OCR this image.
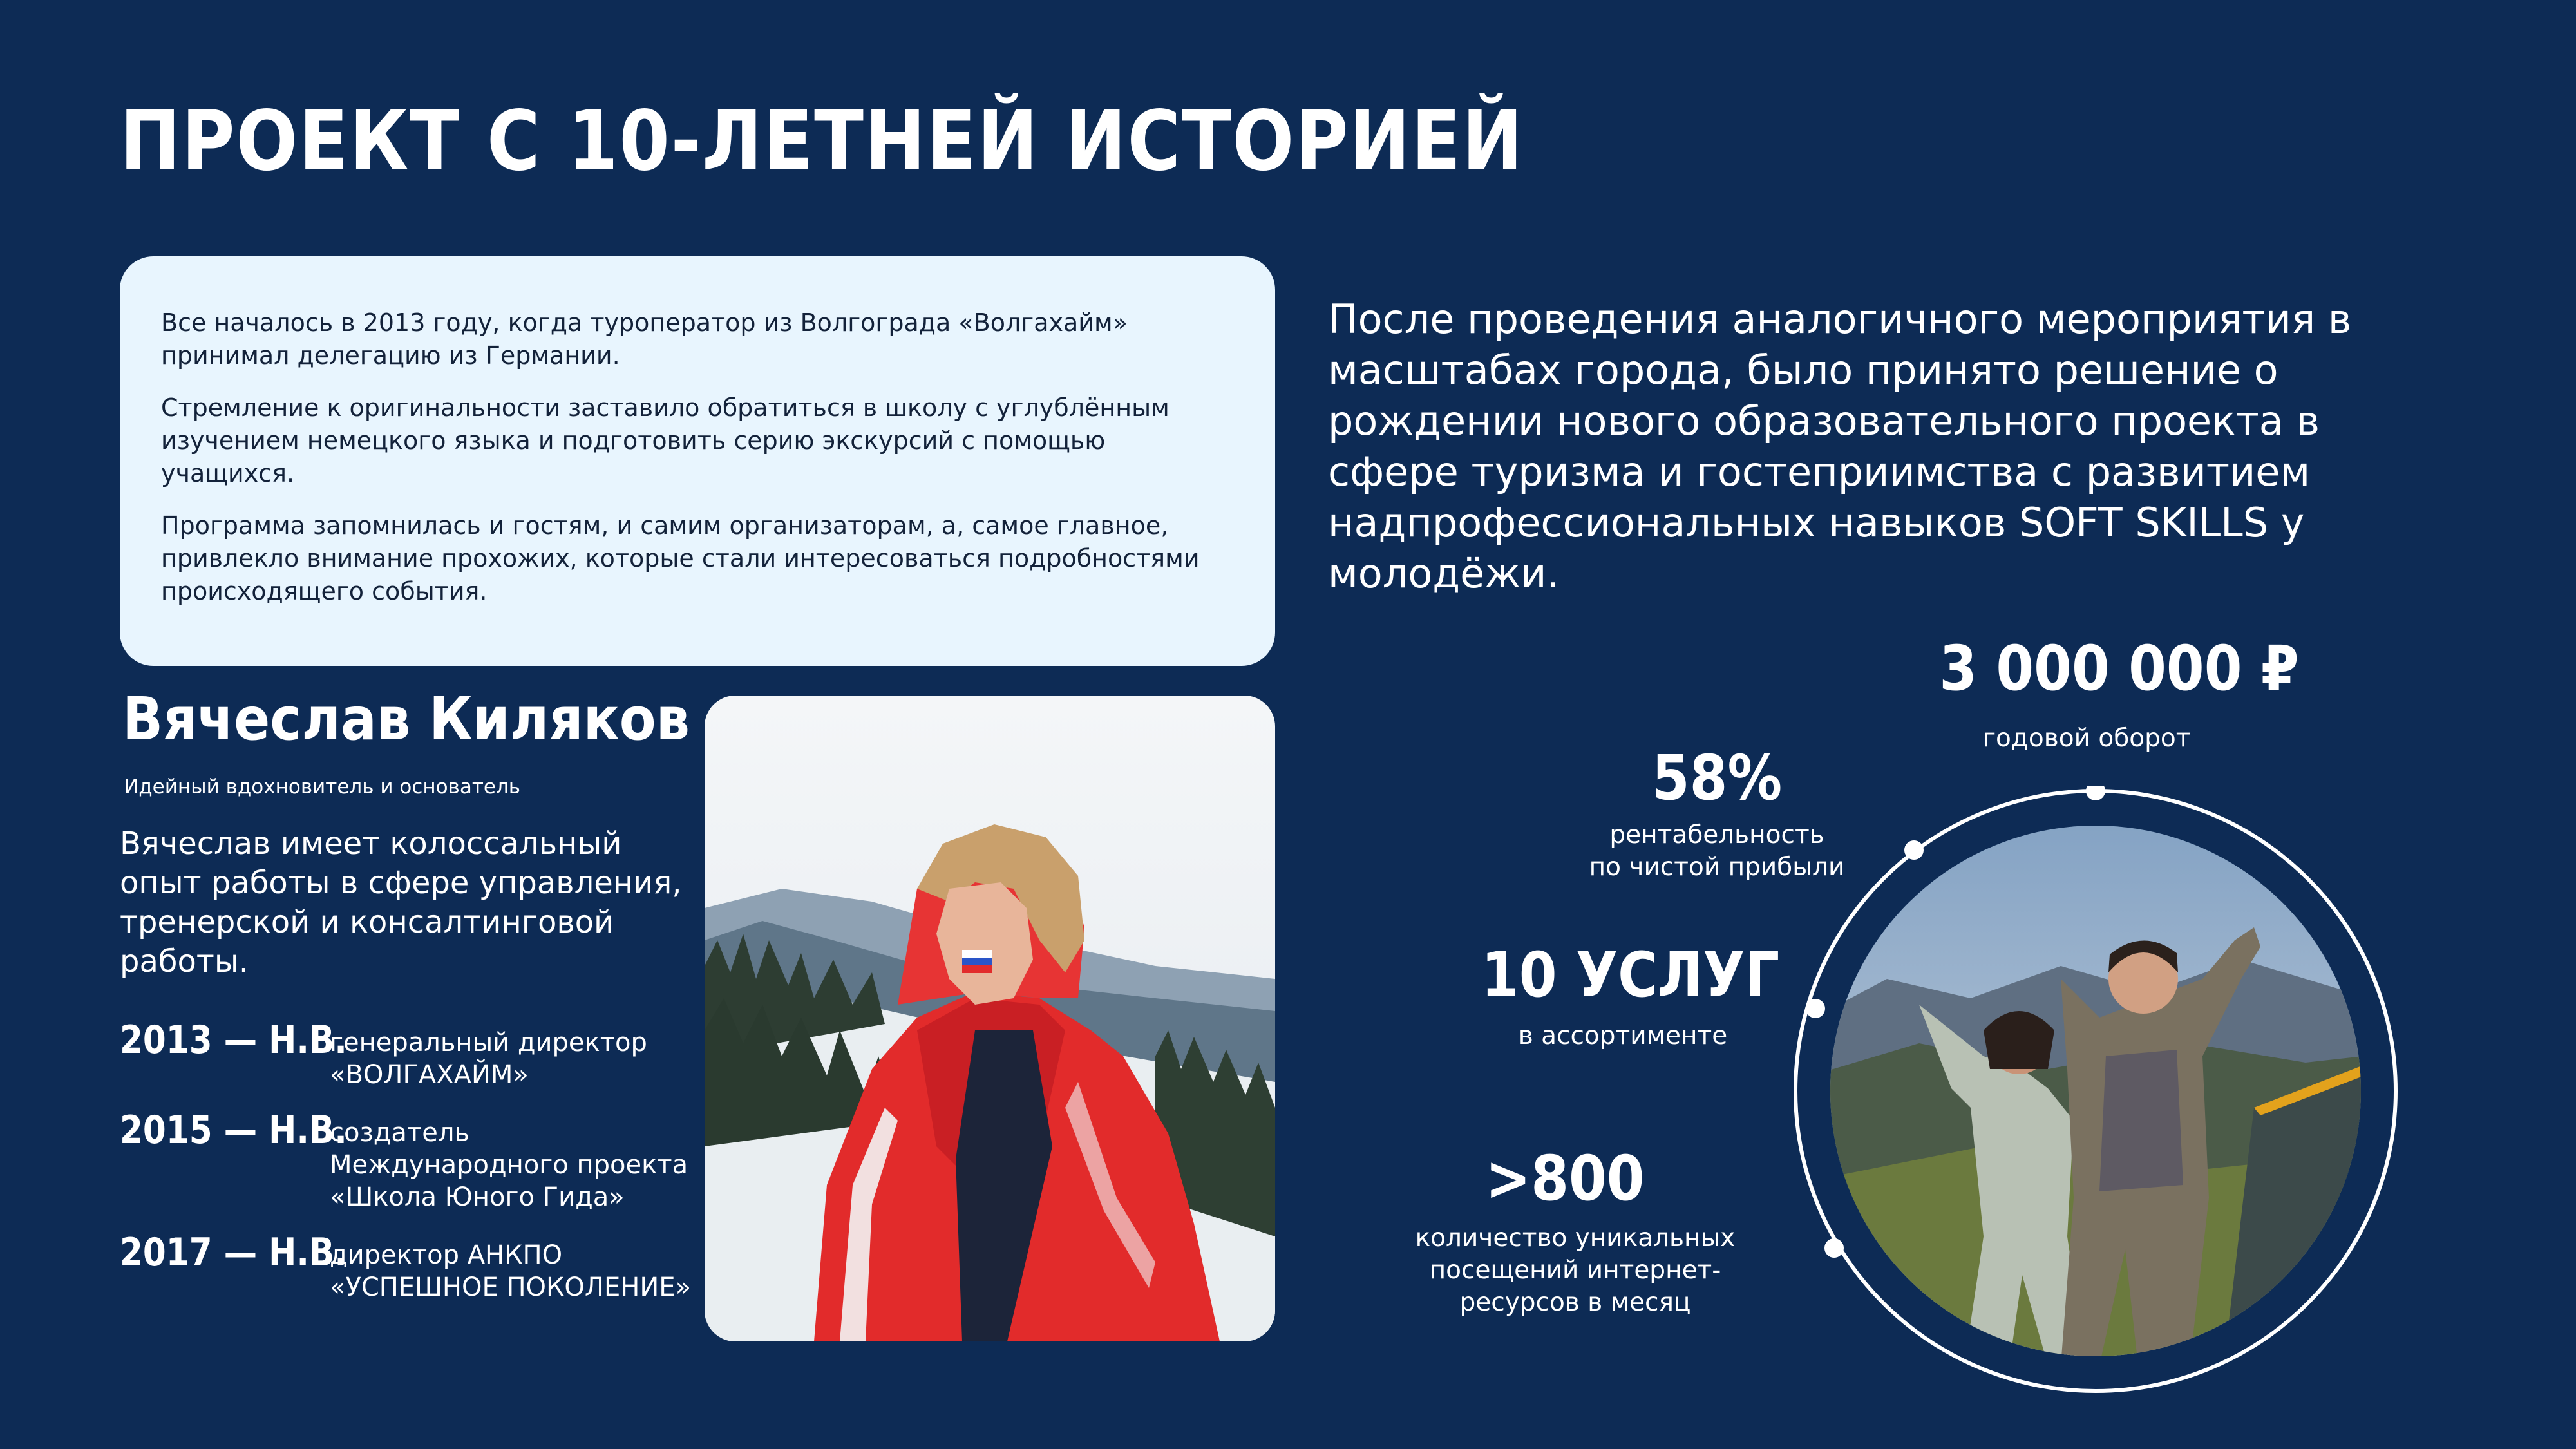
ПРОЕКТ С 10-ЛЕТНЕЙ ИСТОРИЕЙ

Все началось в 2013 году, когда туроператор из Волгограда «Волгахайм» принимал делегацию из Германии.

Стремление к оригинальности заставило обратиться в школу с углублённым изучением немецкого языка и подготовить серию экскурсий с помощью учащихся.

Программа запомнилась и гостям, и самим организаторам, а, самое главное, привлекло внимание прохожих, которые стали интересоваться подробностями происходящего события.

После проведения аналогичного мероприятия в масштабах города, было принято решение о рождении нового образовательного проекта в сфере туризма и гостеприимства с развитием надпрофессиональных навыков SOFT SKILLS у молодёжи.
Вячеслав Киляков
Идейный вдохновитель и основатель
Вячеслав имеет колоссальный опыт работы в сфере управления, тренерской и консалтинговой работы.
2013 — Н.В.
генеральный директор «ВОЛГАХАЙМ»
2015 — Н.В.
создатель Международного проекта «Школа Юного Гида»
2017 — Н.В.
директор АНКПО «УСПЕШНОЕ ПОКОЛЕНИЕ»
3 000 000 ₽
годовой оборот
58%
рентабельность
по чистой прибыли
10 УСЛУГ
в ассортименте
>800
количество уникальных
посещений интернет-
ресурсов в месяц
